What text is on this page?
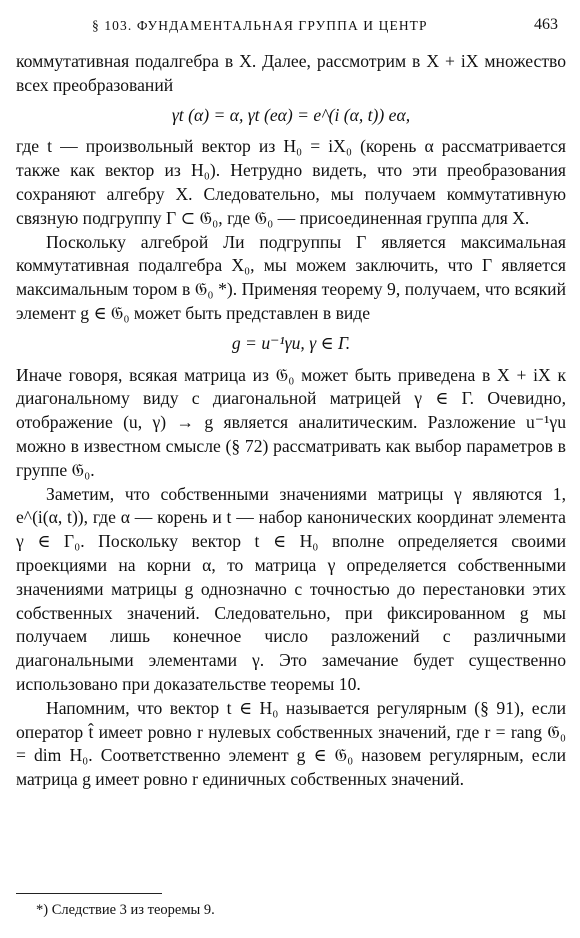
§ 103. ФУНДАМЕНТАЛЬНАЯ ГРУППА И ЦЕНТР	463

коммутативная подалгебра в X. Далее, рассмотрим в X + iX множество всех преобразований

γt (α) = α, γt (eα) = e^(i (α, t)) eα,

где t — произвольный вектор из H₀ = iX₀ (корень α рассматривается также как вектор из H₀). Нетрудно видеть, что эти преобразования сохраняют алгебру X. Следовательно, мы получаем коммутативную связную подгруппу Γ ⊂ 𝔊₀, где 𝔊₀ — присоединенная группа для X.

Поскольку алгеброй Ли подгруппы Γ является максимальная коммутативная подалгебра X₀, мы можем заключить, что Γ является максимальным тором в 𝔊₀ *). Применяя теорему 9, получаем, что всякий элемент g ∈ 𝔊₀ может быть представлен в виде

g = u⁻¹γu, γ ∈ Γ.

Иначе говоря, всякая матрица из 𝔊₀ может быть приведена в X + iX к диагональному виду с диагональной матрицей γ ∈ Γ. Очевидно, отображение (u, γ) → g является аналитическим. Разложение u⁻¹γu можно в известном смысле (§ 72) рассматривать как выбор параметров в группе 𝔊₀.

Заметим, что собственными значениями матрицы γ являются 1, e^(i(α, t)), где α — корень и t — набор канонических координат элемента γ ∈ Γ₀. Поскольку вектор t ∈ H₀ вполне определяется своими проекциями на корни α, то матрица γ определяется собственными значениями матрицы g однозначно с точностью до перестановки этих собственных значений. Следовательно, при фиксированном g мы получаем лишь конечное число разложений с различными диагональными элементами γ. Это замечание будет существенно использовано при доказательстве теоремы 10.

Напомним, что вектор t ∈ H₀ называется регулярным (§ 91), если оператор t̂ имеет ровно r нулевых собственных значений, где r = rang 𝔊₀ = dim H₀. Соответственно элемент g ∈ 𝔊₀ назовем регулярным, если матрица g имеет ровно r единичных собственных значений.

*) Следствие 3 из теоремы 9.
